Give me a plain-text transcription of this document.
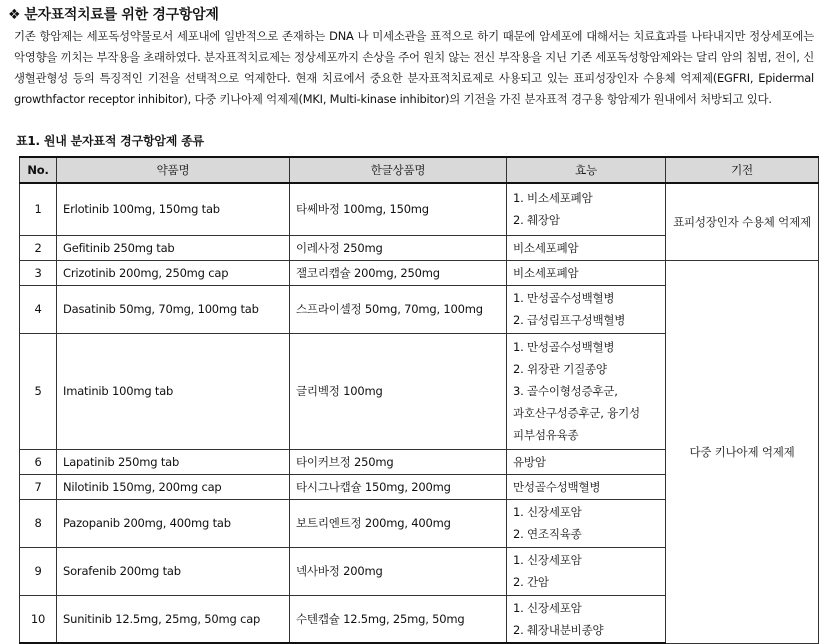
❖ 분자표적치료를 위한 경구항암제
기존 항암제는 세포독성약물로서 세포내에 일반적으로 존재하는 DNA 나 미세소관을 표적으로 하기 때문에 암세포에 대해서는 치료효과를 나타내지만 정상세포에는 악영향을 끼치는 부작용을 초래하였다. 분자표적치료제는 정상세포까지 손상을 주어 원치 않는 전신 부작용을 지닌 기존 세포독성항암제와는 달리 암의 침범, 전이, 신생혈관형성 등의 특징적인 기전을 선택적으로 억제한다. 현재 치료에서 중요한 분자표적치료제로 사용되고 있는 표피성장인자 수용체 억제제(EGFRI, Epidermal growthfactor receptor inhibitor), 다중 키나아제 억제제(MKI, Multi-kinase inhibitor)의 기전을 가진 분자표적 경구용 항암제가 원내에서 처방되고 있다.
표1. 원내 분자표적 경구항암제 종류
No.	약품명	한글상품명	효능	기전
1	Erlotinib 100mg, 150mg tab	타쎄바정 100mg, 150mg	1. 비소세포폐암
2. 췌장암	표피성장인자 수용체 억제제
2	Gefitinib 250mg tab	이레사정 250mg	비소세포폐암	

3	Crizotinib 200mg, 250mg cap	잴코리캡슐 200mg, 250mg	비소세포폐암	다중 키나아제 억제제
4	Dasatinib 50mg, 70mg, 100mg tab	스프라이셀정 50mg, 70mg, 100mg	1. 만성골수성백혈병
2. 급성림프구성백혈병	

5	Imatinib 100mg tab	글리벡정 100mg	1. 만성골수성백혈병
2. 위장관 기질종양
3. 골수이형성증후군,
과호산구성증후군, 융기성
피부섬유육종	

6	Lapatinib 250mg tab	타이커브정 250mg	유방암	

7	Nilotinib 150mg, 200mg cap	타시그나캡슐 150mg, 200mg	만성골수성백혈병	

8	Pazopanib 200mg, 400mg tab	보트리엔트정 200mg, 400mg	1. 신장세포암
2. 연조직육종	

9	Sorafenib 200mg tab	넥사바정 200mg	1. 신장세포암
2. 간암	

10	Sunitinib 12.5mg, 25mg, 50mg cap	수텐캡슐 12.5mg, 25mg, 50mg	1. 신장세포암
2. 췌장내분비종양	
